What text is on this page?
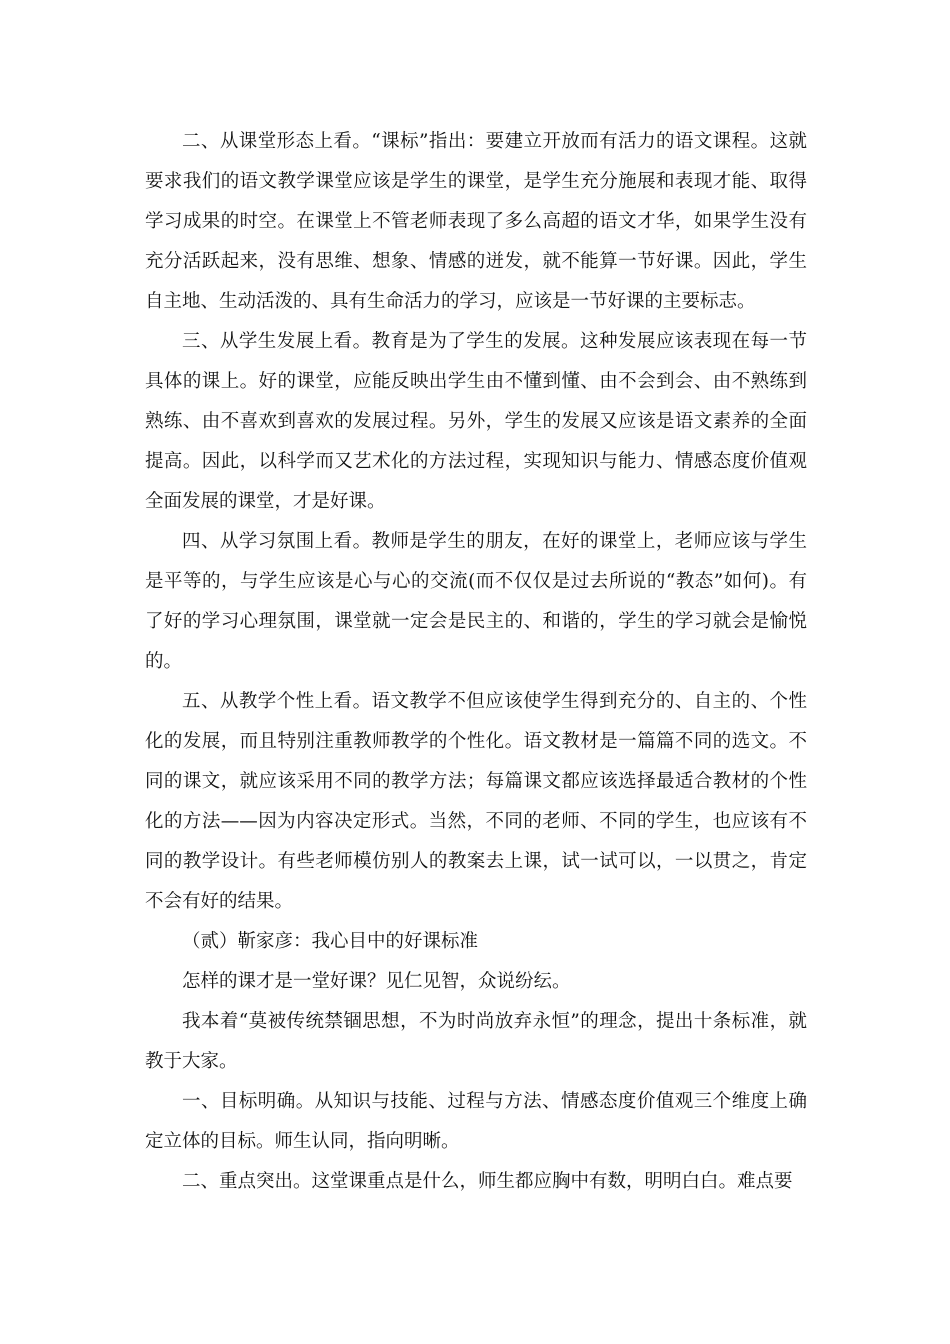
二、从课堂形态上看。“课标”指出：要建立开放而有活力的语文课程。这就要求我们的语文教学课堂应该是学生的课堂，是学生充分施展和表现才能、取得学习成果的时空。在课堂上不管老师表现了多么高超的语文才华，如果学生没有充分活跃起来，没有思维、想象、情感的迸发，就不能算一节好课。因此，学生自主地、生动活泼的、具有生命活力的学习，应该是一节好课的主要标志。

三、从学生发展上看。教育是为了学生的发展。这种发展应该表现在每一节具体的课上。好的课堂，应能反映出学生由不懂到懂、由不会到会、由不熟练到熟练、由不喜欢到喜欢的发展过程。另外，学生的发展又应该是语文素养的全面提高。因此，以科学而又艺术化的方法过程，实现知识与能力、情感态度价值观全面发展的课堂，才是好课。

四、从学习氛围上看。教师是学生的朋友，在好的课堂上，老师应该与学生是平等的，与学生应该是心与心的交流(而不仅仅是过去所说的“教态”如何)。有了好的学习心理氛围，课堂就一定会是民主的、和谐的，学生的学习就会是愉悦的。

五、从教学个性上看。语文教学不但应该使学生得到充分的、自主的、个性化的发展，而且特别注重教师教学的个性化。语文教材是一篇篇不同的选文。不同的课文，就应该采用不同的教学方法；每篇课文都应该选择最适合教材的个性化的方法——因为内容决定形式。当然，不同的老师、不同的学生，也应该有不同的教学设计。有些老师模仿别人的教案去上课，试一试可以，一以贯之，肯定不会有好的结果。

（贰）靳家彦：我心目中的好课标准

怎样的课才是一堂好课？见仁见智，众说纷纭。

我本着“莫被传统禁锢思想，不为时尚放弃永恒”的理念，提出十条标准，就教于大家。

一、目标明确。从知识与技能、过程与方法、情感态度价值观三个维度上确定立体的目标。师生认同，指向明晰。

二、重点突出。这堂课重点是什么，师生都应胸中有数，明明白白。难点要
